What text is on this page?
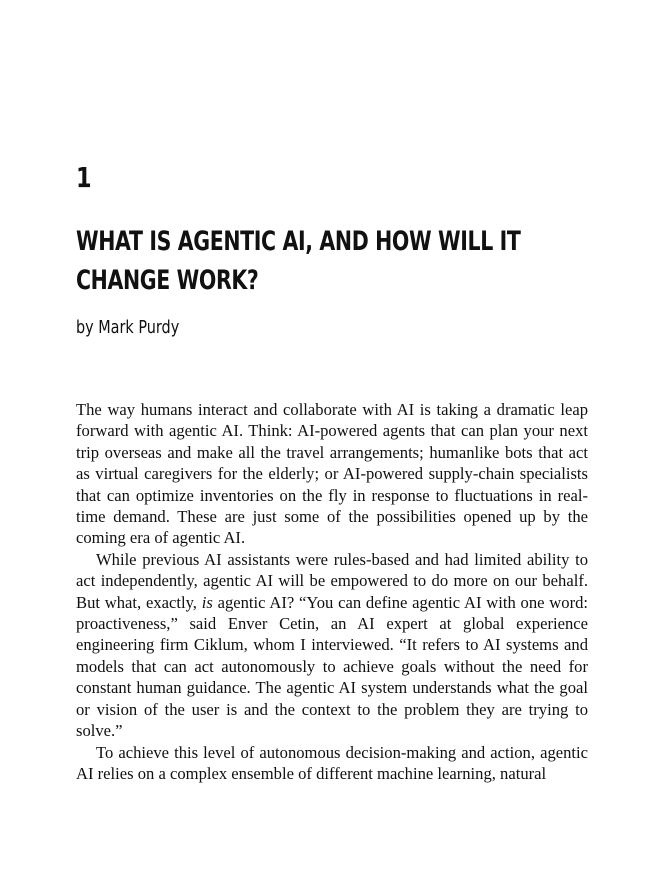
1
WHAT IS AGENTIC AI, AND HOW WILL IT CHANGE WORK?
by Mark Purdy

The way humans interact and collaborate with AI is taking a dramatic leap forward with agentic AI. Think: AI-powered agents that can plan your next trip overseas and make all the travel arrangements; humanlike bots that act as virtual caregivers for the elderly; or AI-powered supply-chain specialists that can optimize inventories on the fly in response to fluctuations in real-time demand. These are just some of the possibilities opened up by the coming era of agentic AI.

While previous AI assistants were rules-based and had limited ability to act independently, agentic AI will be empowered to do more on our behalf. But what, exactly, is agentic AI? “You can define agentic AI with one word: proactiveness,” said Enver Cetin, an AI expert at global experience engineering firm Ciklum, whom I interviewed. “It refers to AI systems and models that can act autonomously to achieve goals without the need for constant human guidance. The agentic AI system understands what the goal or vision of the user is and the context to the problem they are trying to solve.”

To achieve this level of autonomous decision-making and action, agentic AI relies on a complex ensemble of different machine learning, natural
